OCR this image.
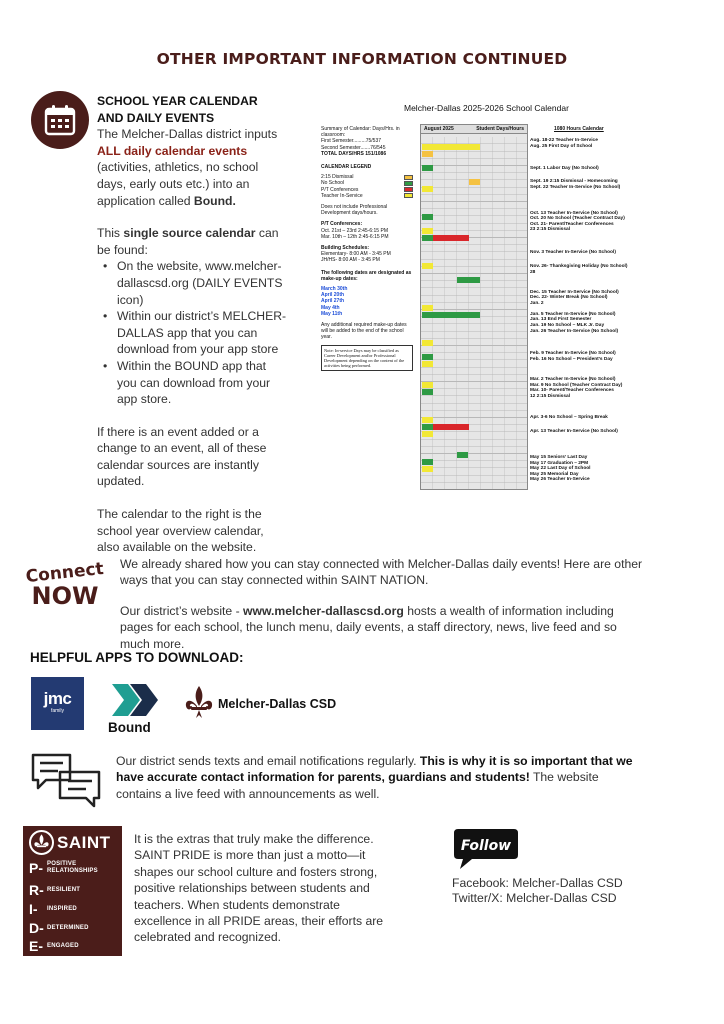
OTHER IMPORTANT INFORMATION CONTINUED
SCHOOL YEAR CALENDAR AND DAILY EVENTS

The Melcher-Dallas district inputs ALL daily calendar events (activities, athletics, no school days, early outs etc.) into an application called Bound.

This single source calendar can be found:

• On the website, www.melcher-dallascsd.org (DAILY EVENTS icon)
• Within our district’s MELCHER-DALLAS app that you can download from your app store
• Within the BOUND app that you can download from your app store.

If there is an event added or a change to an event, all of these calendar sources are instantly updated.

The calendar to the right is the school year overview calendar, also available on the website.

Melcher-Dallas 2025-2026 School Calendar
Summary of Calendar: Days/Hrs. in classroom:
First Semester.........75/537
Second Semester.......76/545
TOTAL DAYS/HRS 151/1086
CALENDAR LEGEND
2:15 Dismissal
No School
P/T Conferences
Teacher In-Service
Does not include Professional Development days/hours.
P/T Conferences:
Oct. 21st – 23rd 2:45-6:15 PM
Mar. 10th – 12th 2:45-6:15 PM
Building Schedules:
Elementary- 8:00 AM - 3:45 PM
JH/HS- 8:00 AM - 3:45 PM
The following dates are designated as make-up dates:
March 30th
April 20th
April 27th
May 4th
May 11th
Any additional required make-up dates will be added to the end of the school year.
Note: In-service Days may be classified as Career Development and/or Professional Development depending on the content of the activities being performed.
August 2025	Student Days/Hours	1080 Hours Calendar
Aug. 18-22 Teacher In-Service
Aug. 25 First Day of School
Sept. 1 Labor Day (No School)
Sept. 19 2:15 Dismissal - Homecoming
Sept. 22 Teacher In-Service (No School)
Oct. 13 Teacher In-Service (No School)
Oct. 20 No School (Teacher Contract Day)
Oct. 21- Parent/Teacher Conferences
23 2:15 Dismissal
Nov. 3 Teacher In-Service (No School)
Nov. 26- Thanksgiving Holiday (No School)
28
Dec. 15 Teacher In-Service (No School)
Dec. 22- Winter Break (No School)
Jan. 2
Jan. 5 Teacher In-Service (No School)
Jan. 13 End First Semester
Jan. 19 No School – MLK Jr. Day
Jan. 26 Teacher In-Service (No School)
Feb. 9 Teacher In-Service (No School)
Feb. 16 No School – President’s Day
Mar. 2 Teacher In-Service (No School)
Mar. 9 No School (Teacher Contract Day)
Mar. 10- Parent/Teacher Conferences
12 2:15 Dismissal
Apr. 3-6 No School – Spring Break
Apr. 13 Teacher In-Service (No School)
May 15 Seniors’ Last Day
May 17 Graduation – 2PM
May 22 Last Day of School
May 25 Memorial Day
May 26 Teacher In-Service
Connect
NOW

We already shared how you can stay connected with Melcher-Dallas daily events! Here are other ways that you can stay connected within SAINT NATION.

Our district’s website - www.melcher-dallascsd.org hosts a wealth of information including pages for each school, the lunch menu, daily events, a staff directory, news, live feed and so much more.

HELPFUL APPS TO DOWNLOAD:
jmc
family
Bound
Melcher-Dallas CSD
Our district sends texts and email notifications regularly. This is why it is so important that we have accurate contact information for parents, guardians and students! The website contains a live feed with announcements as well.
SAINT
P- POSITIVE RELATIONSHIPS
R- RESILIENT
I-	INSPIRED
D- DETERMINED
E- ENGAGED
It is the extras that truly make the difference. SAINT PRIDE is more than just a motto—it shapes our school culture and fosters strong, positive relationships between students and teachers. When students demonstrate excellence in all PRIDE areas, their efforts are celebrated and recognized.
Follow
Facebook: Melcher-Dallas CSD
Twitter/X: Melcher-Dallas CSD
